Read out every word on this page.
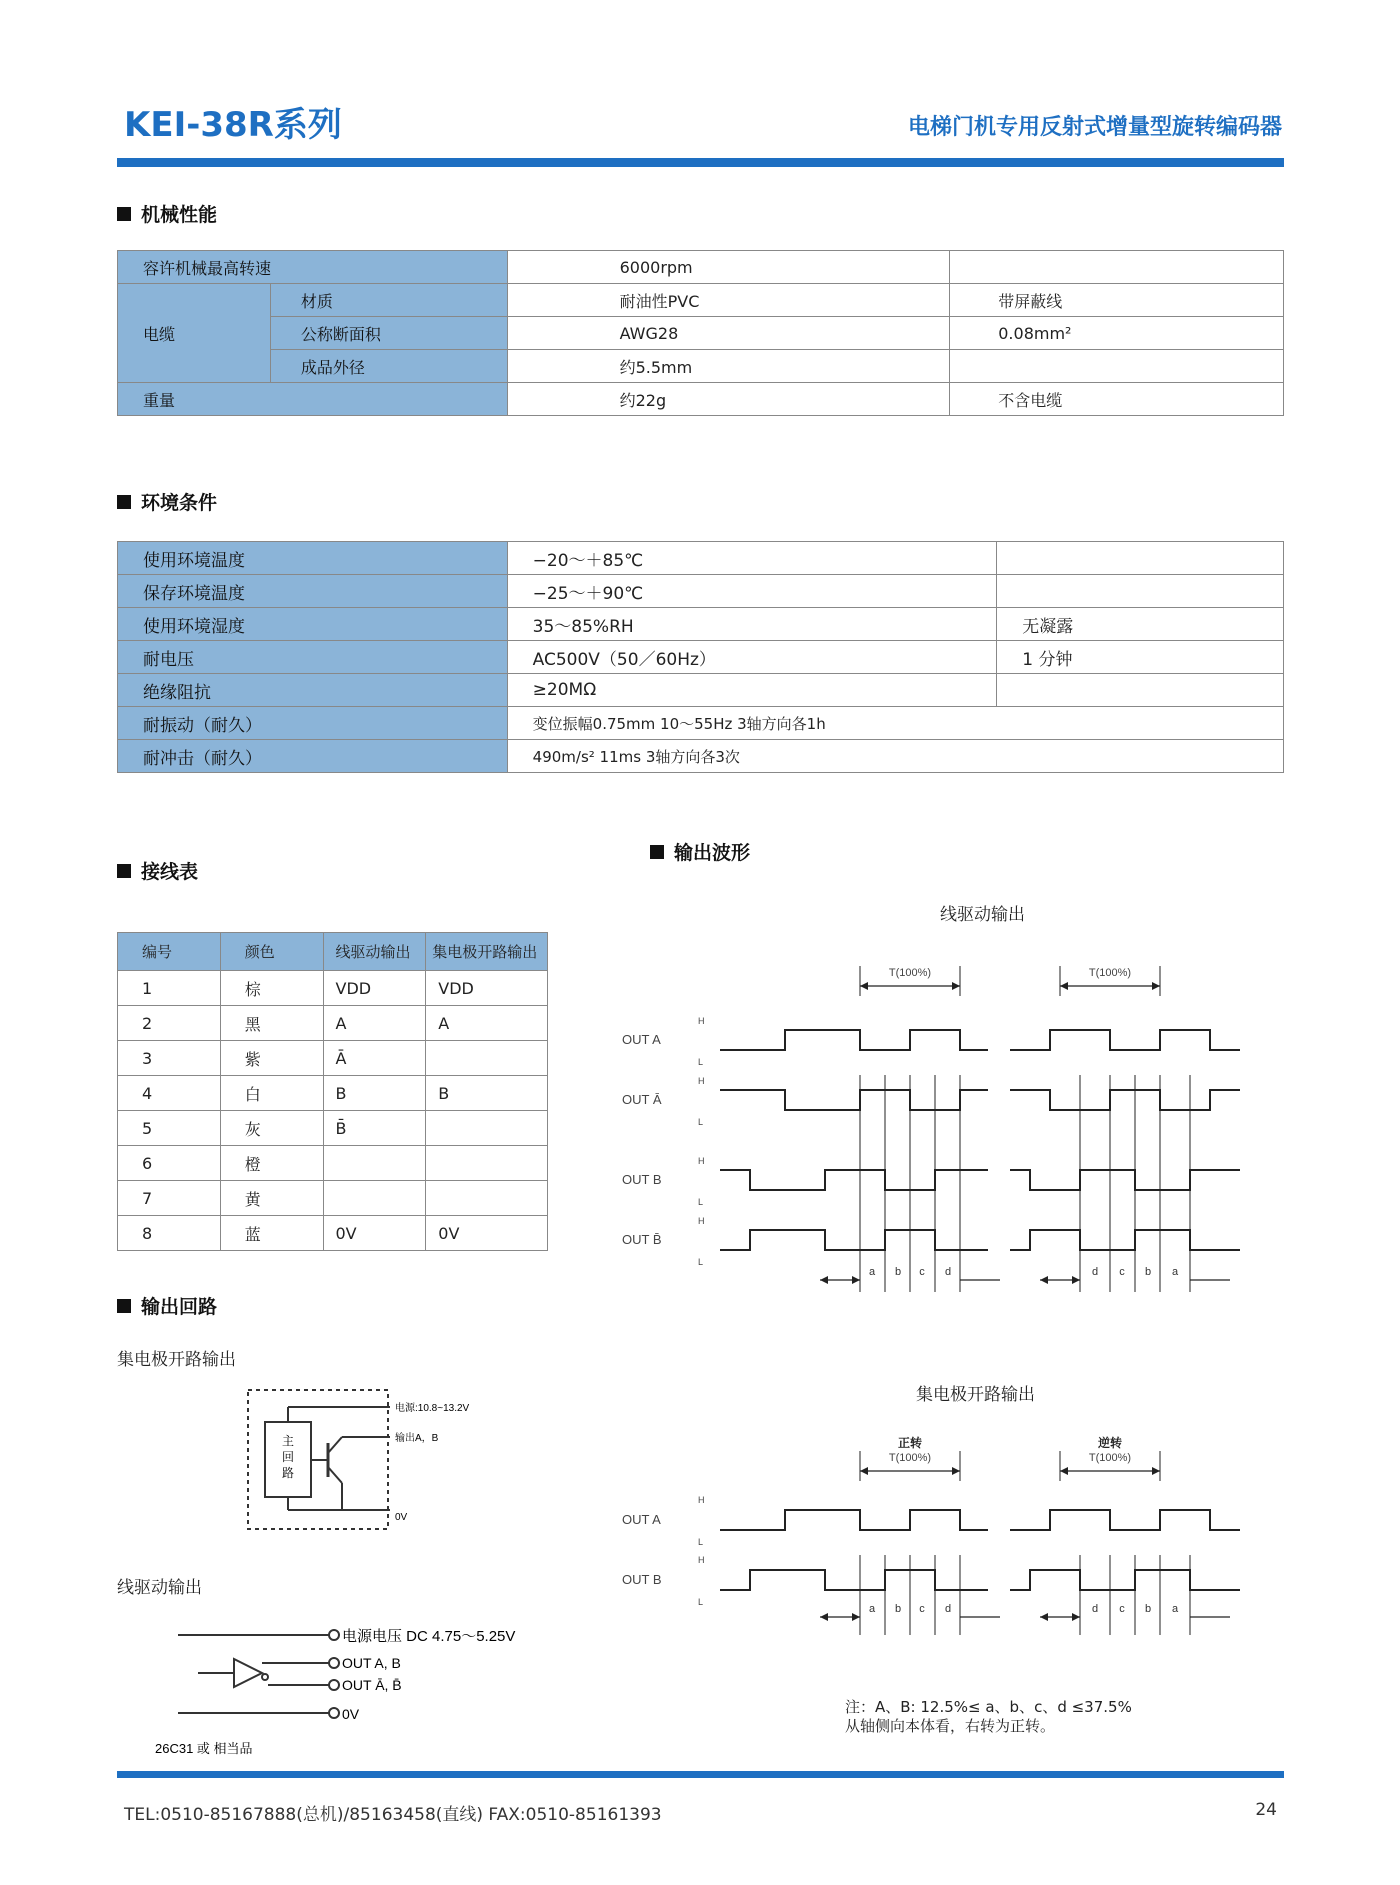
KEI-38R系列	电梯门机专用反射式增量型旋转编码器
机械性能
容许机械最高转速		6000rpm	
电缆	材质	耐油性PVC	带屏蔽线
	公称断面积	AWG28	0.08mm²
	成品外径	约5.5mm	
重量		约22g	不含电缆
环境条件
使用环境温度	−20～＋85℃	
保存环境温度	−25～＋90℃	
使用环境湿度	35～85%RH	无凝露
耐电压	AC500V（50／60Hz）	1 分钟
绝缘阻抗	≥20MΩ	
耐振动（耐久）	变位振幅0.75mm 10～55Hz 3轴方向各1h	
耐冲击（耐久）	490m/s² 11ms 3轴方向各3次	
接线表
编号	颜色	线驱动输出	集电极开路输出
1	棕	VDD	VDD
2	黑	A	A
3	紫	Ā	
4	白	B	B
5	灰	B̄	
6	橙		
7	黄		
8	蓝	0V	0V
输出回路
集电极开路输出
主
回
路
电源:10.8~13.2V
输出A，B
0V
线驱动输出
电源电压 DC 4.75～5.25V
OUT A, B
OUT Ā, B̄
0V
26C31 或 相当品
输出波形
线驱动输出
OUT A
H
L
OUT Ā
H
L
OUT B
H
L
OUT B̄
H
L
T(100%)	T(100%)
a b c d	d c b a
集电极开路输出
OUT A
H
L
OUT B
H
L
正转	逆转
T(100%)	T(100%)
a b c d	d c b a
注：A、B: 12.5%≤ a、b、c、d ≤37.5%
从轴侧向本体看，右转为正转。
TEL:0510-85167888(总机)/85163458(直线) FAX:0510-85161393	24
